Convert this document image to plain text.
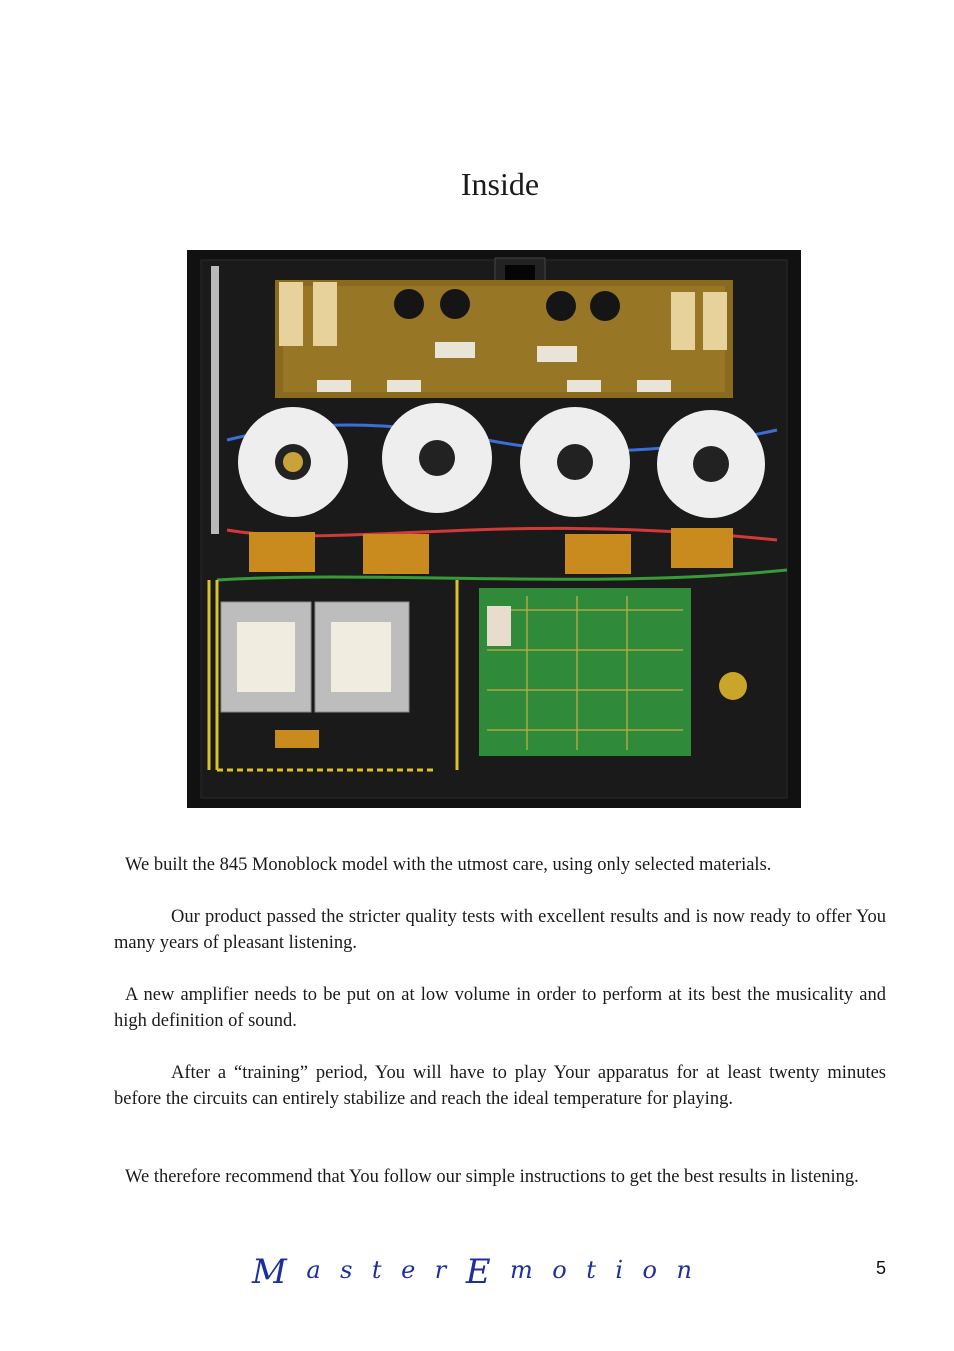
Inside

We built the 845 Monoblock model with the utmost care, using only selected materials.

Our product passed the stricter quality tests with excellent results and is now ready to offer You many years of pleasant listening.

A new amplifier needs to be put on at low volume in order to perform at its best the musicality and high definition of sound.

After a “training” period, You will have to play Your apparatus for at least twenty minutes before the circuits can entirely stabilize and reach the ideal temperature for playing.

We therefore recommend that You follow our simple instructions to get the best results in listening.

M a s t e r E m o t i o n	5
